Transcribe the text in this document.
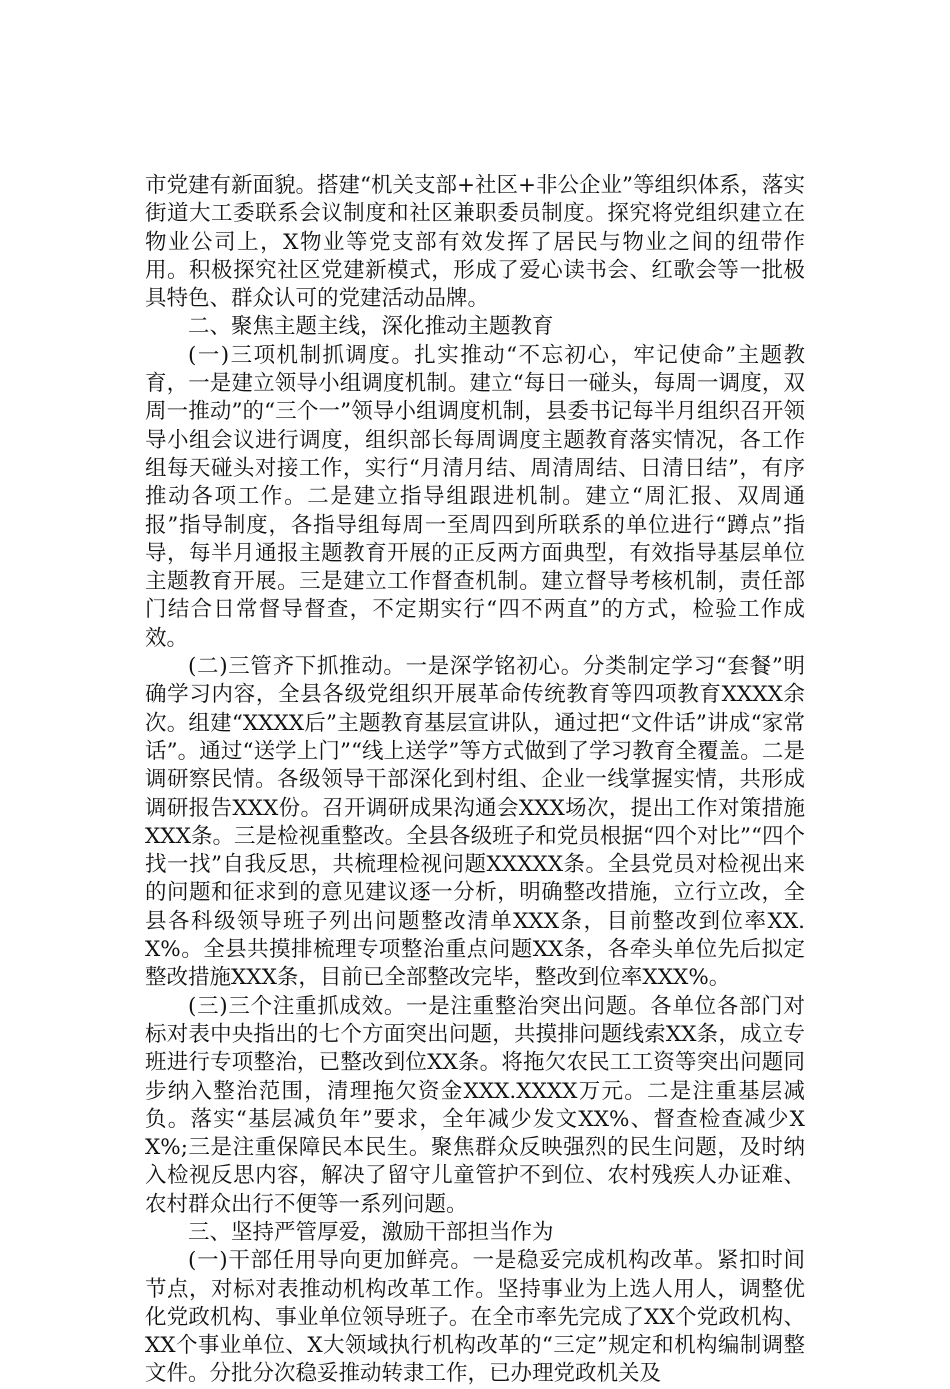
市党建有新面貌。搭建“机关支部+社区+非公企业”等组织体系，落实街道大工委联系会议制度和社区兼职委员制度。探究将党组织建立在物业公司上，X物业等党支部有效发挥了居民与物业之间的纽带作用。积极探究社区党建新模式，形成了爱心读书会、红歌会等一批极具特色、群众认可的党建活动品牌。

二、聚焦主题主线，深化推动主题教育

(一)三项机制抓调度。扎实推动“不忘初心，牢记使命”主题教育，一是建立领导小组调度机制。建立“每日一碰头，每周一调度，双周一推动”的“三个一”领导小组调度机制，县委书记每半月组织召开领导小组会议进行调度，组织部长每周调度主题教育落实情况，各工作组每天碰头对接工作，实行“月清月结、周清周结、日清日结”，有序推动各项工作。二是建立指导组跟进机制。建立“周汇报、双周通报”指导制度，各指导组每周一至周四到所联系的单位进行“蹲点”指导，每半月通报主题教育开展的正反两方面典型，有效指导基层单位主题教育开展。三是建立工作督查机制。建立督导考核机制，责任部门结合日常督导督查，不定期实行“四不两直”的方式，检验工作成效。

(二)三管齐下抓推动。一是深学铭初心。分类制定学习“套餐”明确学习内容，全县各级党组织开展革命传统教育等四项教育XXXX余次。组建“XXXX后”主题教育基层宣讲队，通过把“文件话”讲成“家常话”。通过“送学上门”“线上送学”等方式做到了学习教育全覆盖。二是调研察民情。各级领导干部深化到村组、企业一线掌握实情，共形成调研报告XXX份。召开调研成果沟通会XXX场次，提出工作对策措施XXX条。三是检视重整改。全县各级班子和党员根据“四个对比”“四个找一找”自我反思，共梳理检视问题XXXXX条。全县党员对检视出来的问题和征求到的意见建议逐一分析，明确整改措施，立行立改，全县各科级领导班子列出问题整改清单XXX条，目前整改到位率XX.X%。全县共摸排梳理专项整治重点问题XX条，各牵头单位先后拟定整改措施XXX条，目前已全部整改完毕，整改到位率XXX%。

(三)三个注重抓成效。一是注重整治突出问题。各单位各部门对标对表中央指出的七个方面突出问题，共摸排问题线索XX条，成立专班进行专项整治，已整改到位XX条。将拖欠农民工工资等突出问题同步纳入整治范围，清理拖欠资金XXX.XXXX万元。二是注重基层减负。落实“基层减负年”要求，全年减少发文XX%、督查检查减少XX%;三是注重保障民本民生。聚焦群众反映强烈的民生问题，及时纳入检视反思内容，解决了留守儿童管护不到位、农村残疾人办证难、农村群众出行不便等一系列问题。

三、坚持严管厚爱，激励干部担当作为

(一)干部任用导向更加鲜亮。一是稳妥完成机构改革。紧扣时间节点，对标对表推动机构改革工作。坚持事业为上选人用人，调整优化党政机构、事业单位领导班子。在全市率先完成了XX个党政机构、XX个事业单位、X大领域执行机构改革的“三定”规定和机构编制调整文件。分批分次稳妥推动转隶工作，已办理党政机关及
